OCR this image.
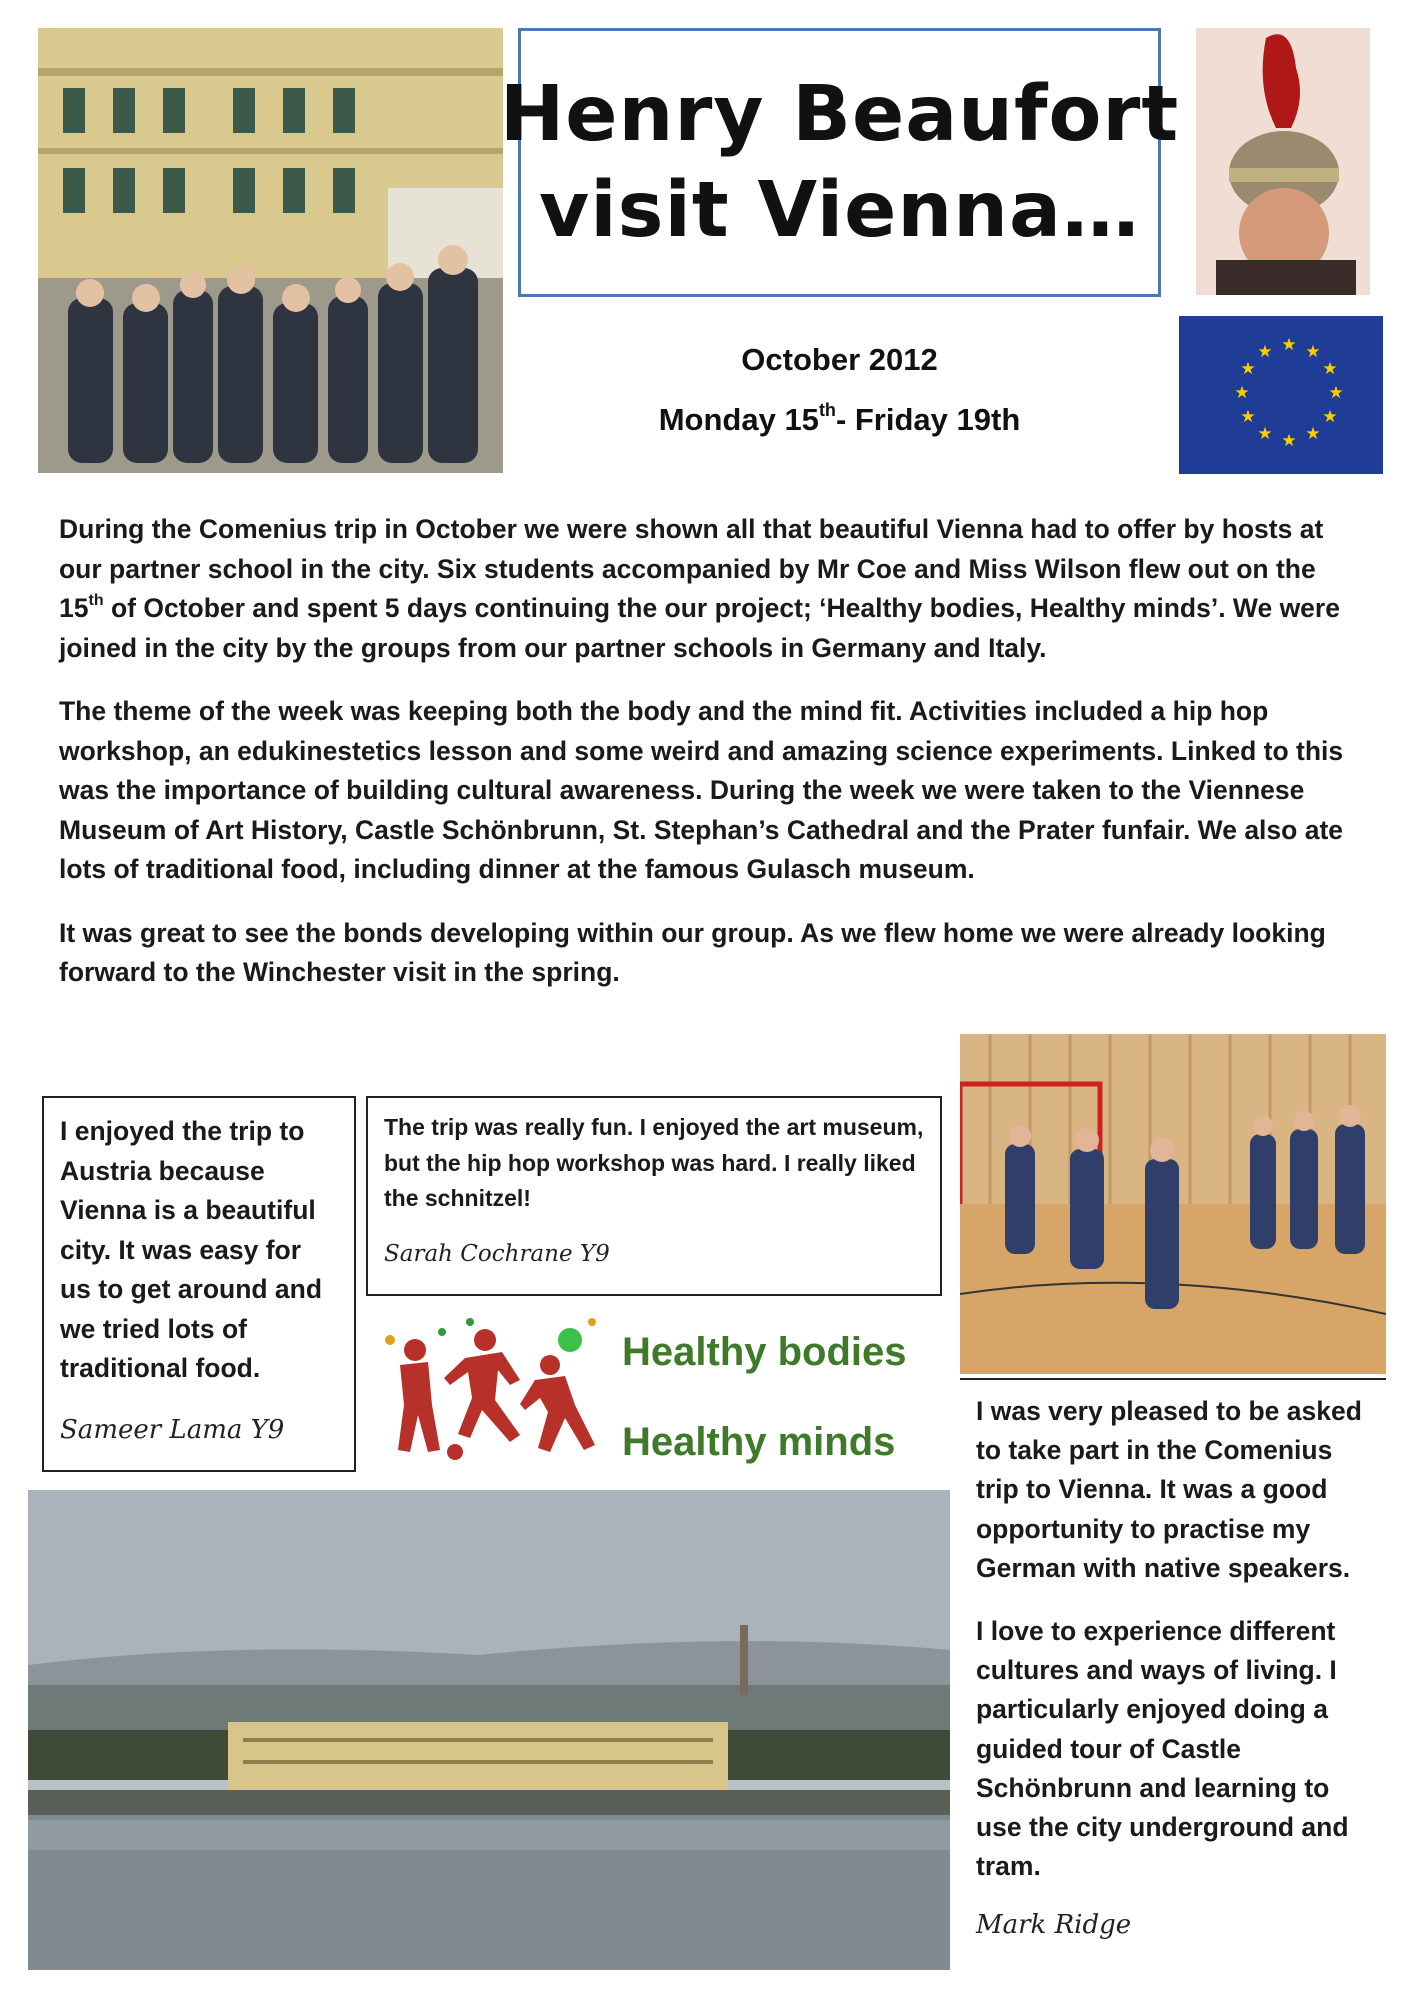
Henry Beaufort
visit Vienna…
★ ★
★
★
★
★
★
★
★
★
★
★
October 2012
Monday 15th- Friday 19th

During the Comenius trip in October we were shown all that beautiful Vienna had to offer by hosts at our partner school in the city. Six students accompanied by Mr Coe and Miss Wilson flew out on the 15th of October and spent 5 days continuing the our project; ‘Healthy bodies, Healthy minds’. We were joined in the city by the groups from our partner schools in Germany and Italy.

The theme of the week was keeping both the body and the mind fit. Activities included a hip hop workshop, an edukinestetics lesson and some weird and amazing science experiments. Linked to this was the importance of building cultural awareness. During the week we were taken to the Viennese Museum of Art History, Castle Schönbrunn, St. Stephan’s Cathedral and the Prater funfair. We also ate lots of traditional food, including dinner at the famous Gulasch museum.

It was great to see the bonds developing within our group. As we flew home we were already looking forward to the Winchester visit in the spring.

I enjoyed the trip to Austria because Vienna is a beautiful city. It was easy for us to get around and we tried lots of traditional food.
Sameer Lama Y9
The trip was really fun. I enjoyed the art museum, but the hip hop workshop was hard. I really liked the schnitzel!
Sarah Cochrane Y9
Healthy bodies
Healthy minds

I was very pleased to be asked to take part in the Comenius trip to Vienna. It was a good opportunity to practise my German with native speakers.

I love to experience different cultures and ways of living. I particularly enjoyed doing a guided tour of Castle Schönbrunn and learning to use the city underground and tram.

Mark Ridge
